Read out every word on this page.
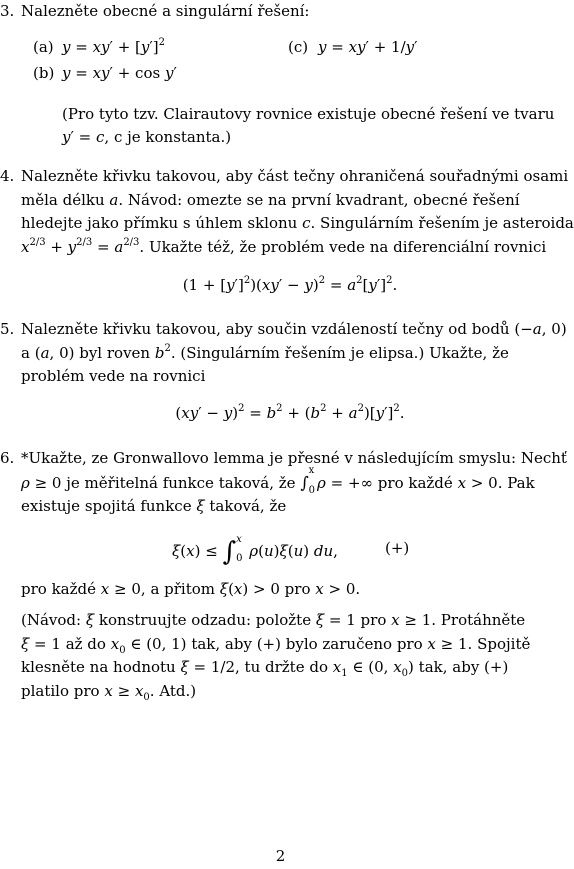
3. Nalezněte obecné a singulární řešení:
(a) $y = xy' + [y']^2$	(c) y = xy′ + 1/y′
(b) y = xy′ + cos y′
(Pro tyto tzv. Clairautovy rovnice existuje obecné řešení ve tvaru
y′ = c, c je konstanta.)
4. Nalezněte křivku takovou, aby část tečny ohraničená souřadnými osami
měla délku a. Návod: omezte se na první kvadrant, obecné řešení
hledejte jako přímku s úhlem sklonu c. Singulárním řešením je asteroida
$x^{2/3} + y^{2/3} = a^{2/3}$. Ukažte též, že problém vede na diferenciální rovnici
$(1 + [y']^2)(xy' - y)^2 = a^2[y']^2$.
5. Nalezněte křivku takovou, aby součin vzdáleností tečny od bodů (−a, 0)
a (a, 0) byl roven $b^2$. (Singulárním řešením je elipsa.) Ukažte, že
problém vede na rovnici
$(xy' - y)^2 = b^2 + (b^2 + a^2)[y']^2$.
6. *Ukažte, ze Gronwallovo lemma je přesné v následujícím smyslu: Nechť
ρ ≥ 0 je měřitelná funkce taková, že ∫$^x$
$_0$ ρ = +∞ pro každé x > 0. Pak
existuje spojitá funkce ξ taková, že
ξ(x) ≤ ∫$^x$
$_0$ ρ(u)ξ(u) du,	(+)
pro každé x ≥ 0, a přitom ξ(x) > 0 pro x > 0.
(Návod: ξ konstruujte odzadu: položte ξ = 1 pro x ≥ 1. Protáhněte
ξ = 1 až do $x_0$ ∈ (0, 1) tak, aby (+) bylo zaručeno pro x ≥ 1. Spojitě
klesněte na hodnotu ξ = 1/2, tu držte do $x_1$ ∈ (0, $x_0$) tak, aby (+)
platilo pro $x \ge x_0$. Atd.)
2
